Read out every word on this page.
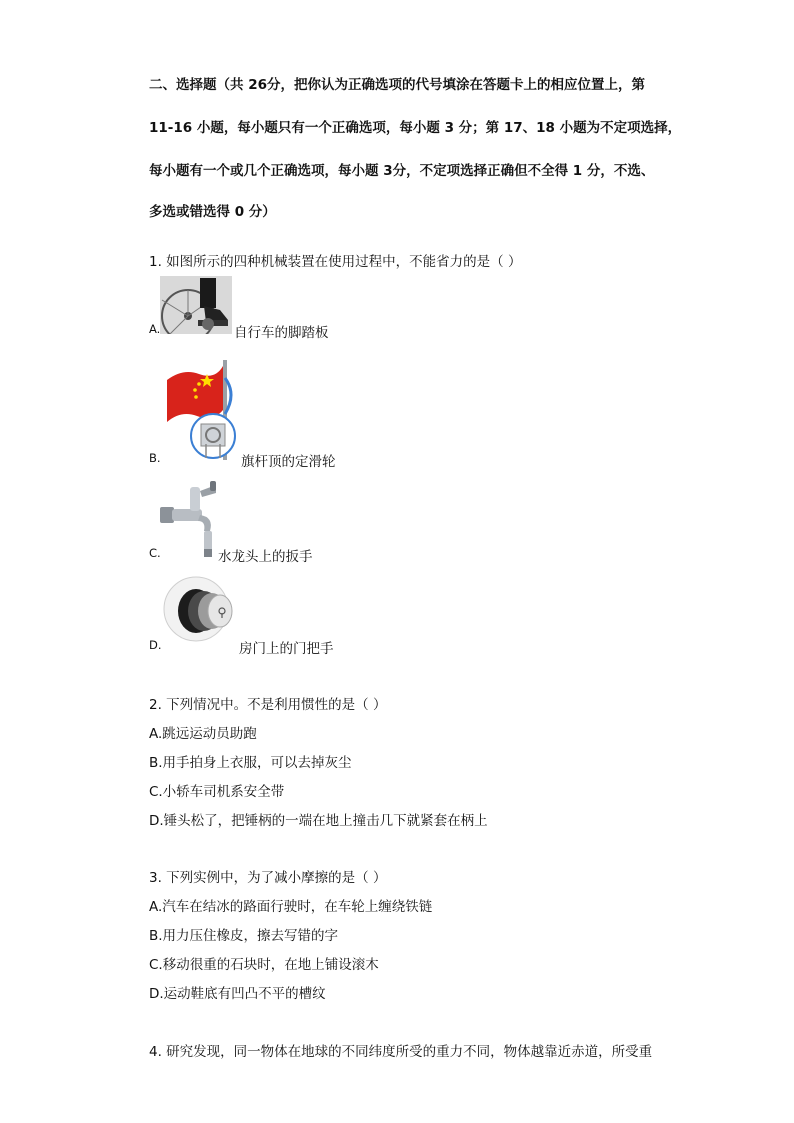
二、选择题（共 26分，把你认为正确选项的代号填涂在答题卡上的相应位置上，第
11-16 小题，每小题只有一个正确选项，每小题 3 分；第 17、18 小题为不定项选择，
每小题有一个或几个正确选项，每小题 3分，不定项选择正确但不全得 1 分，不选、
多选或错选得 0 分）
1. 如图所示的四种机械装置在使用过程中，不能省力的是（ ）
A.	自行车的脚踏板
B.	旗杆顶的定滑轮
C.	水龙头上的扳手
D.	房门上的门把手
2. 下列情况中。不是利用惯性的是（ ）
A.跳远运动员助跑
B.用手拍身上衣服，可以去掉灰尘
C.小轿车司机系安全带
D.锤头松了，把锤柄的一端在地上撞击几下就紧套在柄上
3. 下列实例中，为了减小摩擦的是（ ）
A.汽车在结冰的路面行驶时，在车轮上缠绕铁链
B.用力压住橡皮，擦去写错的字
C.移动很重的石块时，在地上铺设滚木
D.运动鞋底有凹凸不平的槽纹
4. 研究发现，同一物体在地球的不同纬度所受的重力不同，物体越靠近赤道，所受重
